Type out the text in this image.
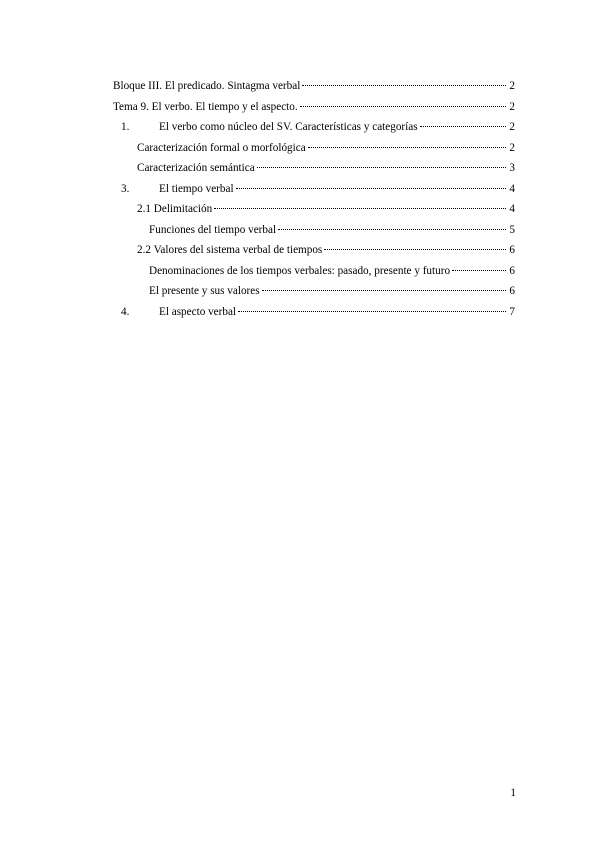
Bloque III. El predicado. Sintagma verbal	2
Tema 9. El verbo. El tiempo y el aspecto.	2
1.	El verbo como núcleo del SV. Características y categorías	2
Caracterización formal o morfológica	2
Caracterización semántica	3
3.	El tiempo verbal	4
2.1 Delimitación	4
Funciones del tiempo verbal	5
2.2 Valores del sistema verbal de tiempos	6
Denominaciones de los tiempos verbales: pasado, presente y futuro	6
El presente y sus valores	6
4.	El aspecto verbal	7
1
